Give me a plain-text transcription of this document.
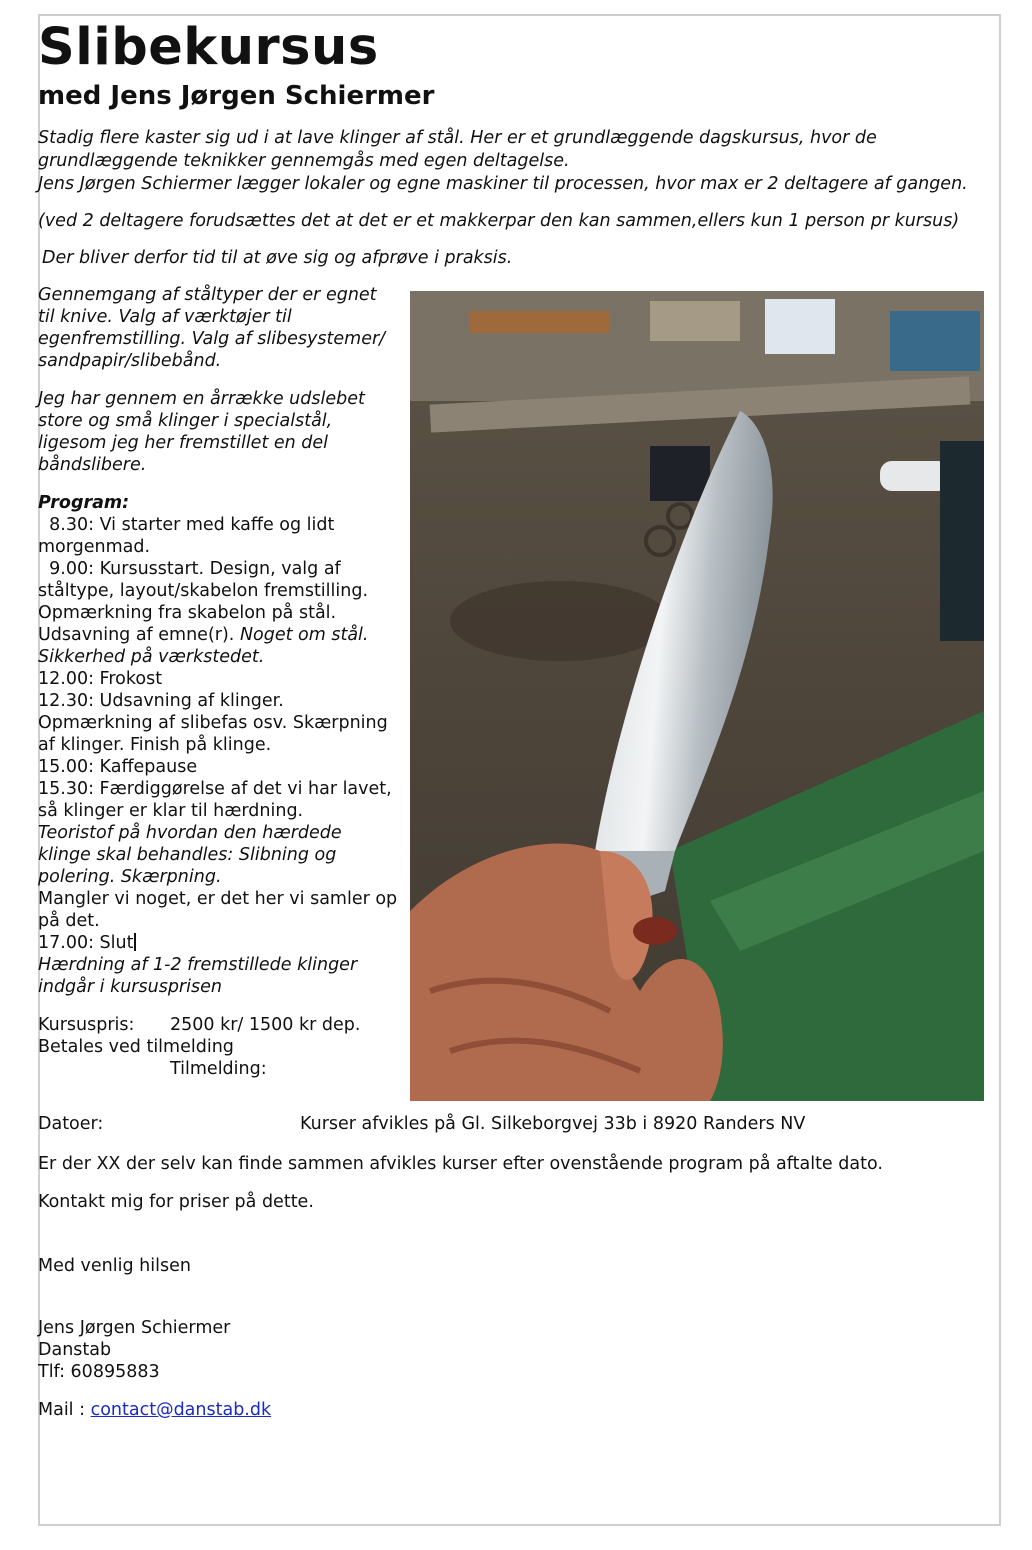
Slibekursus
med Jens Jørgen Schiermer

Stadig flere kaster sig ud i at lave klinger af stål. Her er et grundlæggende dagskursus, hvor de grundlæggende teknikker gennemgås med egen deltagelse.

Jens Jørgen Schiermer lægger lokaler og egne maskiner til processen, hvor max er 2 deltagere af gangen.

(ved 2 deltagere forudsættes det at det er et makkerpar den kan sammen,ellers kun 1 person pr kursus)

Der bliver derfor tid til at øve sig og afprøve i praksis.

Gennemgang af ståltyper der er egnet til knive. Valg af værktøjer til egenfremstilling. Valg af slibesystemer/ sandpapir/slibebånd.

Jeg har gennem en årrække udslebet store og små klinger i specialstål, ligesom jeg her fremstillet en del båndslibere.

Program:

8.30: Vi starter med kaffe og lidt morgenmad.

9.00: Kursusstart. Design, valg af ståltype, layout/skabelon fremstilling. Opmærkning fra skabelon på stål. Udsavning af emne(r). Noget om stål. Sikkerhed på værkstedet.

12.00: Frokost

12.30: Udsavning af klinger. Opmærkning af slibefas osv. Skærpning af klinger. Finish på klinge.

15.00: Kaffepause

15.30: Færdiggørelse af det vi har lavet, så klinger er klar til hærdning.

Teoristof på hvordan den hærdede klinge skal behandles: Slibning og polering. Skærpning.

Mangler vi noget, er det her vi samler op på det.

17.00: Slut

Hærdning af 1-2 fremstillede klinger indgår i kursusprisen

Kursuspris:	2500 kr/ 1500 kr dep.

Betales ved tilmelding

Tilmelding:

Datoer:	Kurser afvikles på Gl. Silkeborgvej 33b i 8920 Randers NV

Er der XX der selv kan finde sammen afvikles kurser efter ovenstående program på aftalte dato.

Kontakt mig for priser på dette.

Med venlig hilsen

Jens Jørgen Schiermer

Danstab

Tlf: 60895883

Mail : contact@danstab.dk
